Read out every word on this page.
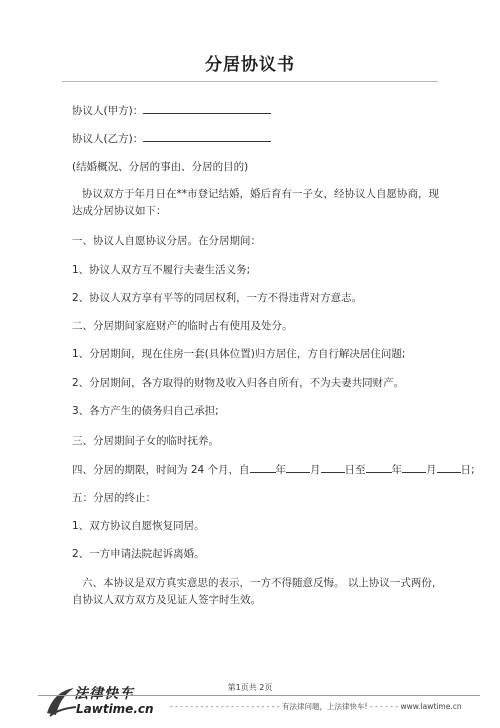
分居协议书
协议人(甲方)：
协议人(乙方)：
(结婚概况、分居的事由、分居的目的)
协议双方于年月日在**市登记结婚，婚后育有一子女，经协议人自愿协商，现达成分居协议如下：
一、协议人自愿协议分居。在分居期间：
1、协议人双方互不履行夫妻生活义务;
2、协议人双方享有平等的同居权利，一方不得违背对方意志。
二、分居期间家庭财产的临时占有使用及处分。
1、分居期间，现在住房一套(具体位置)归方居住，方自行解决居住问题;
2、分居期间，各方取得的财物及收入归各自所有，不为夫妻共同财产。
3、各方产生的债务归自己承担;
三、分居期间子女的临时抚养。
四、分居的期限，时间为 24 个月，自 年 月 日至 年 月 日;
五：分居的终止：
1、双方协议自愿恢复同居。
2、一方申请法院起诉离婚。
六、本协议是双方真实意思的表示，一方不得随意反悔。 以上协议一式两份，自协议人双方双方及见证人签字时生效。
法律快车
Lawtime.cn
第1页共 2页
- - - - - - - - - - - - - - - - - - - - - - 有法律问题，上法律快车! - - - - - - www.lawtime.cn
